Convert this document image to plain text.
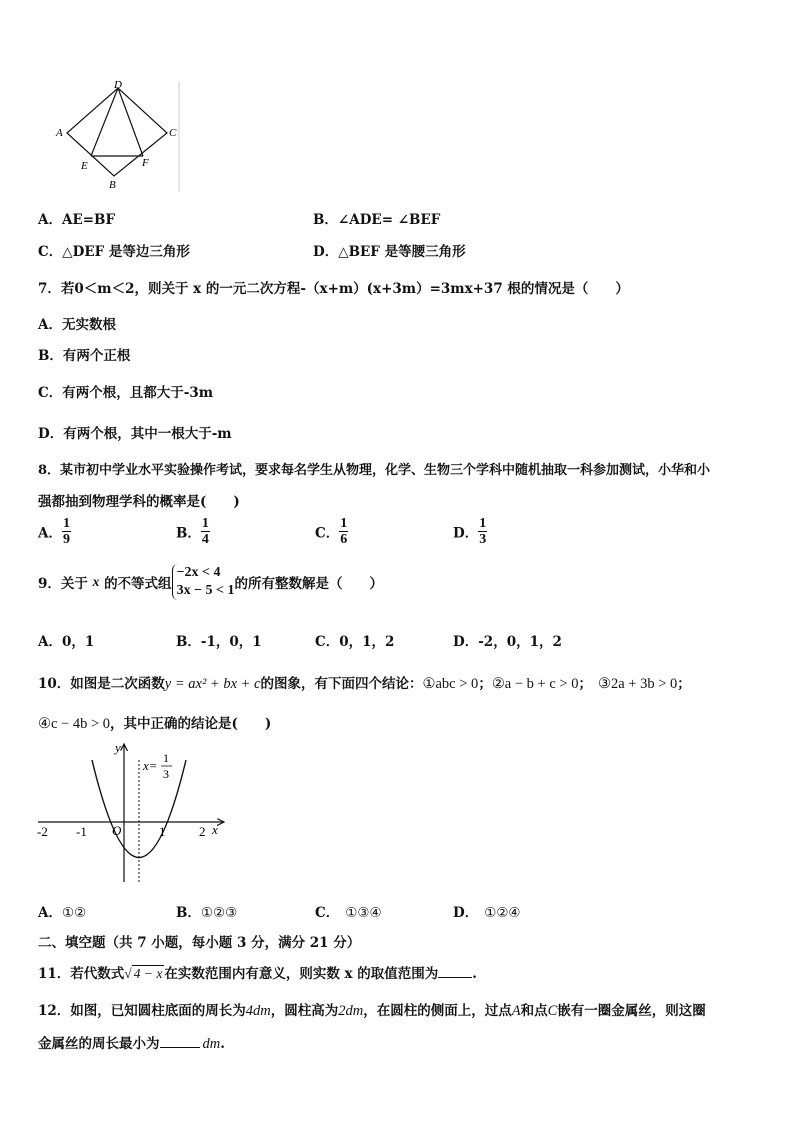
D
A	C
E	F
B
A．AE=BF	B．∠ADE= ∠BEF
C．△DEF 是等边三角形	D．△BEF 是等腰三角形
7．若0＜m＜2，则关于 x 的一元二次方程-（x+m）(x+3m）=3mx+37 根的情况是（　　）
A．无实数根
B．有两个正根
C．有两个根，且都大于-3m
D．有两个根，其中一根大于-m
8．某市初中学业水平实验操作考试，要求每名学生从物理，化学、生物三个学科中随机抽取一科参加测试，小华和小
强都抽到物理学科的概率是(　　)
A． $\frac{1}{9}$	B． $\frac{1}{4}$	C． $\frac{1}{6}$	D． $\frac{1}{3}$
9．关于 x 的不等式组−2x < 4
3x − 5 < 1的所有整数解是（　　）
A．0，1	B．-1，0，1	C．0，1，2	D．-2，0，1，2
10．如图是二次函数y = ax² + bx + c的图象，有下面四个结论：①abc > 0；②a − b + c > 0； ③2a + 3b > 0；
④c − 4b > 0，其中正确的结论是(　　)
-2 -1 O	1	2 x
y
x= 1
3
A．①②	B．①②③	C． ①③④	D． ①②④
二、填空题（共 7 小题，每小题 3 分，满分 21 分）
11．若代数式√ 4 − x 在实数范围内有意义，则实数 x 的取值范围为	.
12．如图，已知圆柱底面的周长为4dm，圆柱高为2dm，在圆柱的侧面上，过点A和点C嵌有一圈金属丝，则这圈
金属丝的周长最小为	dm.
